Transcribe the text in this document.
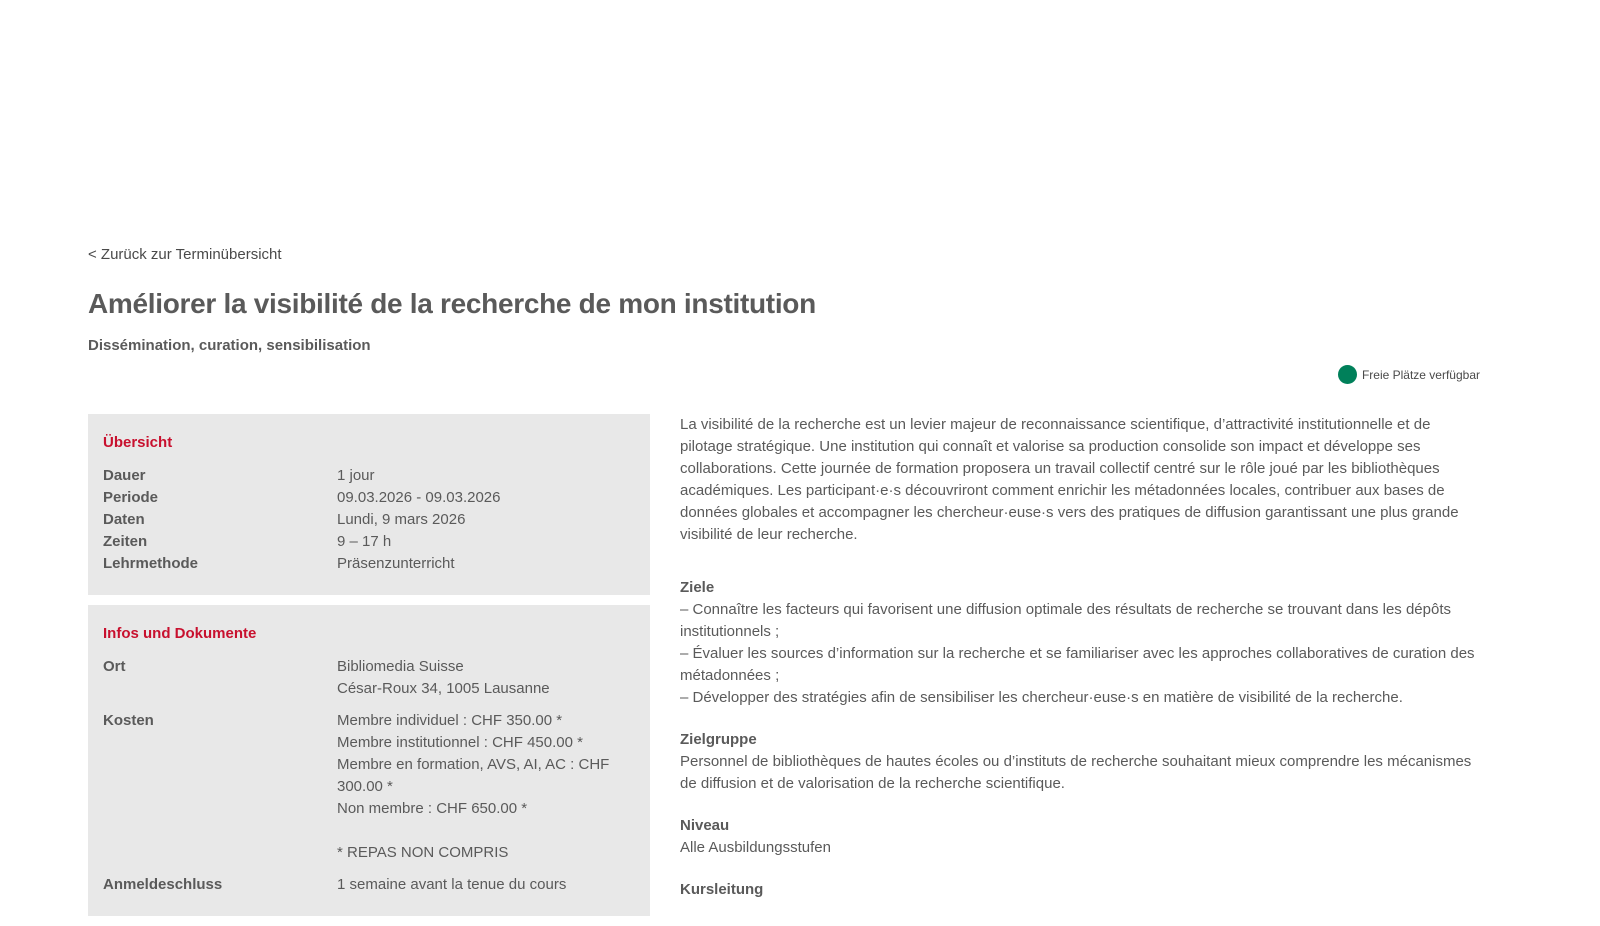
< Zurück zur Terminübersicht
Améliorer la visibilité de la recherche de mon institution

Dissémination, curation, sensibilisation

Freie Plätze verfügbar
Übersicht
Dauer	1 jour
Periode	09.03.2026 - 09.03.2026
Daten	Lundi, 9 mars 2026
Zeiten	9 – 17 h
Lehrmethode	Präsenzunterricht
Infos und Dokumente
Ort	Bibliomedia Suisse
César-Roux 34, 1005 Lausanne
Kosten	Membre individuel : CHF 350.00 *
Membre institutionnel : CHF 450.00 *
Membre en formation, AVS, AI, AC : CHF 300.00 *
Non membre : CHF 650.00 *
* REPAS NON COMPRIS
Anmeldeschluss	1 semaine avant la tenue du cours

La visibilité de la recherche est un levier majeur de reconnaissance scientifique, d’attractivité institutionnelle et de pilotage stratégique. Une institution qui connaît et valorise sa production consolide son impact et développe ses collaborations. Cette journée de formation proposera un travail collectif centré sur le rôle joué par les bibliothèques académiques. Les participant·e·s découvriront comment enrichir les métadonnées locales, contribuer aux bases de données globales et accompagner les chercheur·euse·s vers des pratiques de diffusion garantissant une plus grande visibilité de leur recherche.

Ziele
– Connaître les facteurs qui favorisent une diffusion optimale des résultats de recherche se trouvant dans les dépôts institutionnels ;
– Évaluer les sources d’information sur la recherche et se familiariser avec les approches collaboratives de curation des métadonnées ;
– Développer des stratégies afin de sensibiliser les chercheur·euse·s en matière de visibilité de la recherche.
Zielgruppe
Personnel de bibliothèques de hautes écoles ou d’instituts de recherche souhaitant mieux comprendre les mécanismes de diffusion et de valorisation de la recherche scientifique.
Niveau
Alle Ausbildungsstufen
Kursleitung
